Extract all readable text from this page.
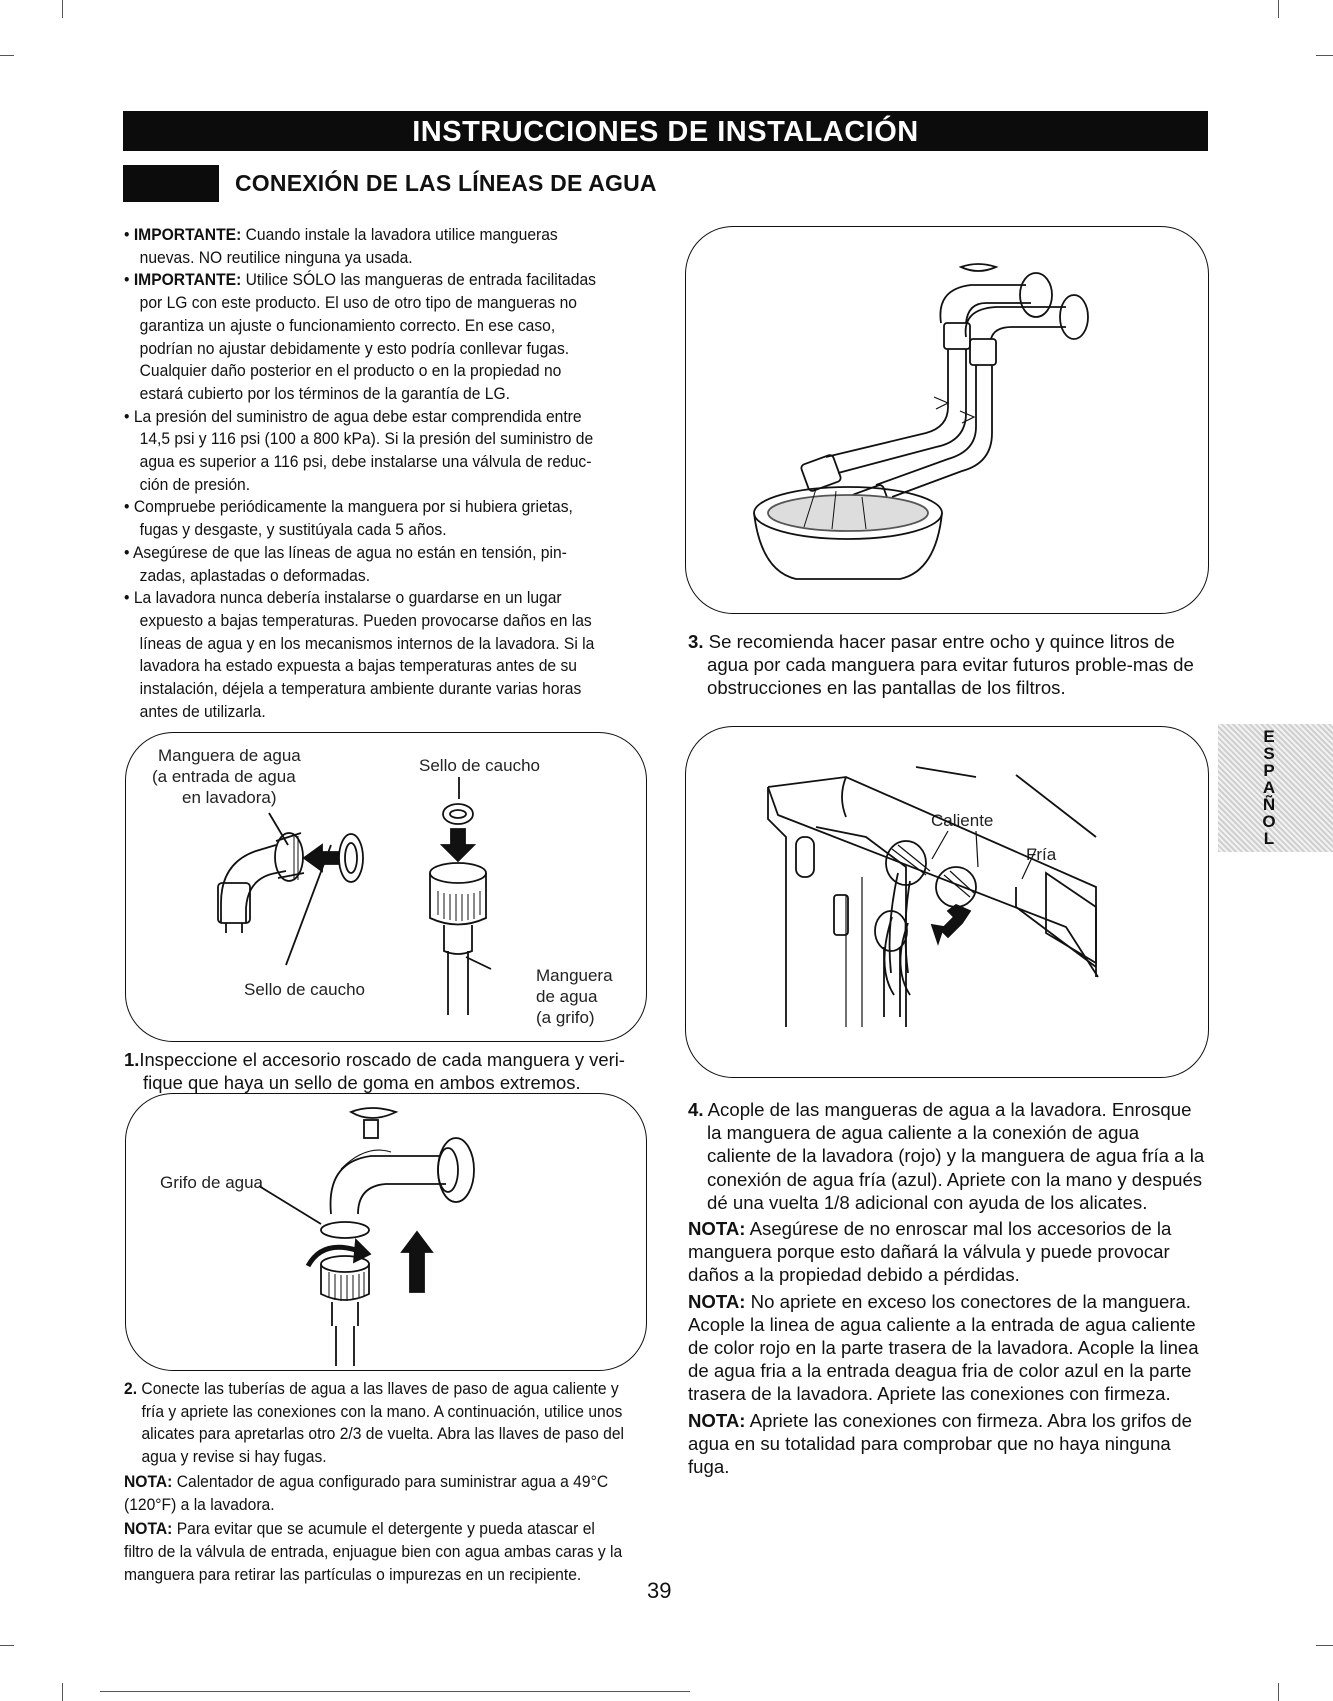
INSTRUCCIONES DE INSTALACIÓN
CONEXIÓN DE LAS LÍNEAS DE AGUA

• IMPORTANTE: Cuando instale la lavadora utilice mangueras nuevas. NO reutilice ninguna ya usada.

• IMPORTANTE: Utilice SÓLO las mangueras de entrada facilitadas por LG con este producto. El uso de otro tipo de mangueras no garantiza un ajuste o funcionamiento correcto. En ese caso, podrían no ajustar debidamente y esto podría conllevar fugas. Cualquier daño posterior en el producto o en la propiedad no estará cubierto por los términos de la garantía de LG.

• La presión del suministro de agua debe estar comprendida entre 14,5 psi y 116 psi (100 a 800 kPa). Si la presión del suministro de agua es superior a 116 psi, debe instalarse una válvula de reduc-ción de presión.

• Compruebe periódicamente la manguera por si hubiera grietas, fugas y desgaste, y sustitúyala cada 5 años.

• Asegúrese de que las líneas de agua no están en tensión, pin-zadas, aplastadas o deformadas.

• La lavadora nunca debería instalarse o guardarse en un lugar expuesto a bajas temperaturas. Pueden provocarse daños en las líneas de agua y en los mecanismos internos de la lavadora. Si la lavadora ha estado expuesta a bajas temperaturas antes de su instalación, déjela a temperatura ambiente durante varias horas antes de utilizarla.

Manguera de agua
(a entrada de agua
en lavadora)
Sello de caucho
Sello de caucho
Manguera
de agua
(a grifo)

1.Inspeccione el accesorio roscado de cada manguera y veri-fique que haya un sello de goma en ambos extremos.

Grifo de agua

2. Conecte las tuberías de agua a las llaves de paso de agua caliente y fría y apriete las conexiones con la mano. A continuación, utilice unos alicates para apretarlas otro 2/3 de vuelta. Abra las llaves de paso del agua y revise si hay fugas.

NOTA: Calentador de agua configurado para suministrar agua a 49°C (120°F) a la lavadora.

NOTA: Para evitar que se acumule el detergente y pueda atascar el filtro de la válvula de entrada, enjuague bien con agua ambas caras y la manguera para retirar las partículas o impurezas en un recipiente.

39

3. Se recomienda hacer pasar entre ocho y quince litros de agua por cada manguera para evitar futuros proble-mas de obstrucciones en las pantallas de los filtros.

Caliente
Fría

4. Acople de las mangueras de agua a la lavadora. Enrosque la manguera de agua caliente a la conexión de agua caliente de la lavadora (rojo) y la manguera de agua fría a la conexión de agua fría (azul). Apriete con la mano y después dé una vuelta 1/8 adicional con ayuda de los alicates.

NOTA: Asegúrese de no enroscar mal los accesorios de la manguera porque esto dañará la válvula y puede provocar daños a la propiedad debido a pérdidas.

NOTA: No apriete en exceso los conectores de la manguera. Acople la linea de agua caliente a la entrada de agua caliente de color rojo en la parte trasera de la lavadora. Acople la linea de agua fria a la entrada deagua fria de color azul en la parte trasera de la lavadora. Apriete las conexiones con firmeza.

NOTA: Apriete las conexiones con firmeza. Abra los grifos de agua en su totalidad para comprobar que no haya ninguna fuga.

E
S
P
A
Ñ
O
L
